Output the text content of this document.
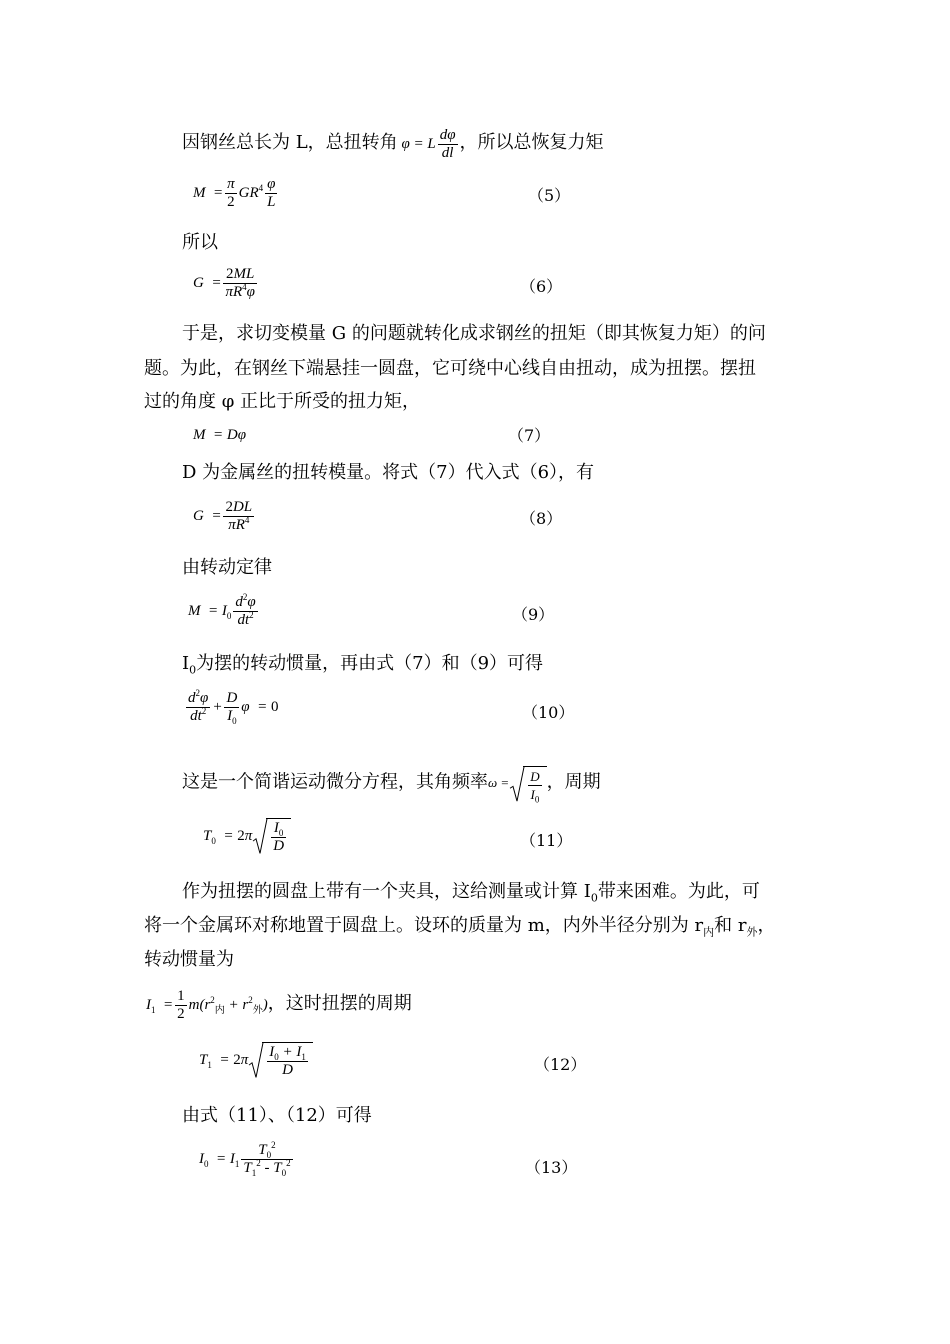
因钢丝总长为 L，总扭转角 φ = L $\frac{d\varphi}{dl}$ ，所以总恢复力矩
$M = \frac{\pi}{2} GR^4 \frac{\varphi}{L}$	（5）
所以
$G = \frac{2ML}{\pi R^4\varphi}$	（6）
于是，求切变模量 G 的问题就转化成求钢丝的扭矩（即其恢复力矩）的问
题。为此，在钢丝下端悬挂一圆盘，它可绕中心线自由扭动，成为扭摆。摆扭
过的角度 φ 正比于所受的扭力矩，
M  = Dφ	（7）
D 为金属丝的扭转模量。将式（7）代入式（6），有
$G = \frac{2DL}{\pi R^4}$	（8）
由转动定律
$M = I_0 \frac{d^2\varphi}{dt^2}$	（9）
$I_0$为摆的转动惯量，再由式（7）和（9）可得
$\frac{d^2\varphi}{dt^2} + \frac{D}{I_0}$ φ  = 0	（10）
这是一个简谐运动微分方程，其角频率$\omega = \frac{D}{I_0}$ ，周期
$T_0 = 2\pi \frac{I_0}{D}$	（11）
作为扭摆的圆盘上带有一个夹具，这给测量或计算 $I_0$带来困难。为此，可
将一个金属环对称地置于圆盘上。设环的质量为 m，内外半径分别为 $r_内$和 $r_外$，
转动惯量为
$I_1 = \frac{1}{2} m(r^2_内 + r^2_外)$，这时扭摆的周期
$T_1 = 2\pi \frac{I_0 + I_1}{D}$	（12）
由式（11）、（12）可得
$I_0 = I_1 \frac{T_0^2}{T_1^2 - T_0^2}$	（13）
